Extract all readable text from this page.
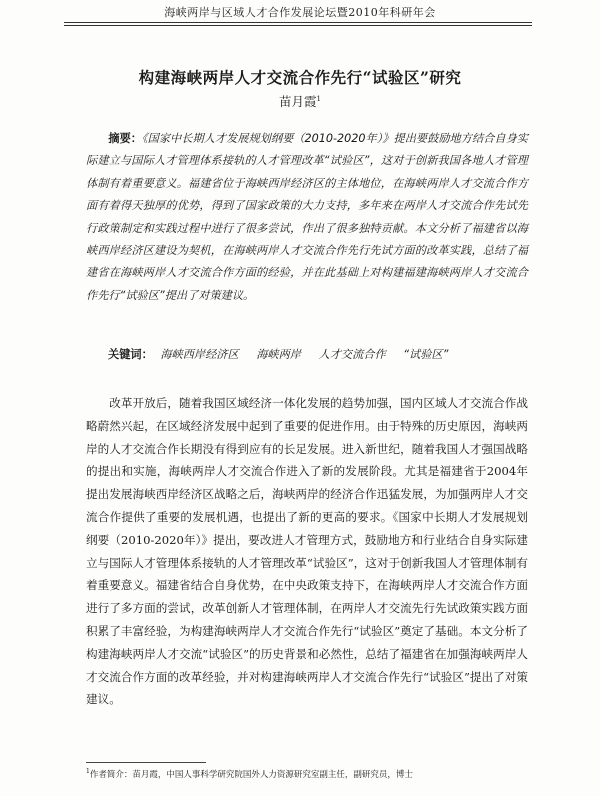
海峡两岸与区域人才合作发展论坛暨2010年科研年会
构建海峡两岸人才交流合作先行“试验区”研究
苗月霞$^1$

摘要：《国家中长期人才发展规划纲要（2010-2020年）》提出要鼓励地方结合自身实际建立与国际人才管理体系接轨的人才管理改革“试验区”，这对于创新我国各地人才管理体制有着重要意义。福建省位于海峡西岸经济区的主体地位，在海峡两岸人才交流合作方面有着得天独厚的优势，得到了国家政策的大力支持，多年来在两岸人才交流合作先试先行政策制定和实践过程中进行了很多尝试，作出了很多独特贡献。本文分析了福建省以海峡西岸经济区建设为契机，在海峡两岸人才交流合作先行先试方面的改革实践，总结了福建省在海峡两岸人才交流合作方面的经验，并在此基础上对构建福建海峡两岸人才交流合作先行“试验区”提出了对策建议。

关键词： 海峡西岸经济区 海峡两岸 人才交流合作 “试验区”

改革开放后，随着我国区域经济一体化发展的趋势加强，国内区域人才交流合作战略蔚然兴起，在区域经济发展中起到了重要的促进作用。由于特殊的历史原因，海峡两岸的人才交流合作长期没有得到应有的长足发展。进入新世纪，随着我国人才强国战略的提出和实施，海峡两岸人才交流合作进入了新的发展阶段。尤其是福建省于2004年提出发展海峡西岸经济区战略之后，海峡两岸的经济合作迅猛发展，为加强两岸人才交流合作提供了重要的发展机遇，也提出了新的更高的要求。《国家中长期人才发展规划纲要（2010-2020年）》提出，要改进人才管理方式，鼓励地方和行业结合自身实际建立与国际人才管理体系接轨的人才管理改革“试验区”，这对于创新我国人才管理体制有着重要意义。福建省结合自身优势，在中央政策支持下，在海峡两岸人才交流合作方面进行了多方面的尝试，改革创新人才管理体制，在两岸人才交流先行先试政策实践方面积累了丰富经验，为构建海峡两岸人才交流合作先行“试验区”奠定了基础。本文分析了构建海峡两岸人才交流“试验区”的历史背景和必然性，总结了福建省在加强海峡两岸人才交流合作方面的改革经验，并对构建海峡两岸人才交流合作先行“试验区”提出了对策建议。

$^1$作者简介：苗月霞，中国人事科学研究院国外人力资源研究室副主任，副研究员，博士
